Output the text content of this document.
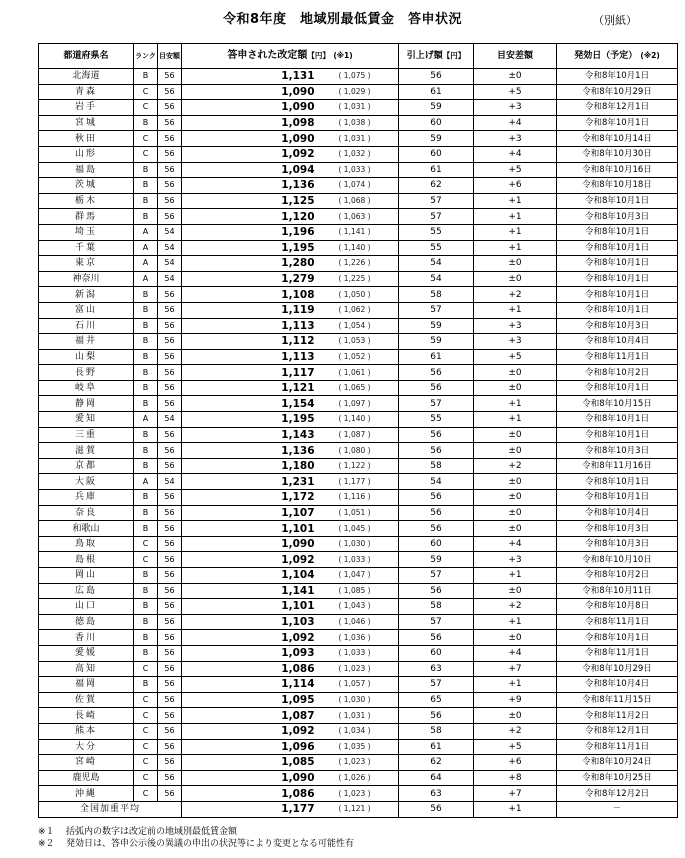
令和8年度　地域別最低賃金　答申状況	（別紙）
都道府県名	ランク	目安額	答申された改定額【円】 (※1)		引上げ額【円】	目安差額	発効日（予定） (※2)
北海道	B	56	1,131	( 1,075 )	56	±0	令和8年10月1日
青森	C	56	1,090	( 1,029 )	61	+5	令和8年10月29日
岩手	C	56	1,090	( 1,031 )	59	+3	令和8年12月1日
宮城	B	56	1,098	( 1,038 )	60	+4	令和8年10月1日
秋田	C	56	1,090	( 1,031 )	59	+3	令和8年10月14日
山形	C	56	1,092	( 1,032 )	60	+4	令和8年10月30日
福島	B	56	1,094	( 1,033 )	61	+5	令和8年10月16日
茨城	B	56	1,136	( 1,074 )	62	+6	令和8年10月18日
栃木	B	56	1,125	( 1,068 )	57	+1	令和8年10月1日
群馬	B	56	1,120	( 1,063 )	57	+1	令和8年10月3日
埼玉	A	54	1,196	( 1,141 )	55	+1	令和8年10月1日
千葉	A	54	1,195	( 1,140 )	55	+1	令和8年10月1日
東京	A	54	1,280	( 1,226 )	54	±0	令和8年10月1日
神奈川	A	54	1,279	( 1,225 )	54	±0	令和8年10月1日
新潟	B	56	1,108	( 1,050 )	58	+2	令和8年10月1日
富山	B	56	1,119	( 1,062 )	57	+1	令和8年10月1日
石川	B	56	1,113	( 1,054 )	59	+3	令和8年10月3日
福井	B	56	1,112	( 1,053 )	59	+3	令和8年10月4日
山梨	B	56	1,113	( 1,052 )	61	+5	令和8年11月1日
長野	B	56	1,117	( 1,061 )	56	±0	令和8年10月2日
岐阜	B	56	1,121	( 1,065 )	56	±0	令和8年10月1日
静岡	B	56	1,154	( 1,097 )	57	+1	令和8年10月15日
愛知	A	54	1,195	( 1,140 )	55	+1	令和8年10月1日
三重	B	56	1,143	( 1,087 )	56	±0	令和8年10月1日
滋賀	B	56	1,136	( 1,080 )	56	±0	令和8年10月3日
京都	B	56	1,180	( 1,122 )	58	+2	令和8年11月16日
大阪	A	54	1,231	( 1,177 )	54	±0	令和8年10月1日
兵庫	B	56	1,172	( 1,116 )	56	±0	令和8年10月1日
奈良	B	56	1,107	( 1,051 )	56	±0	令和8年10月4日
和歌山	B	56	1,101	( 1,045 )	56	±0	令和8年10月3日
鳥取	C	56	1,090	( 1,030 )	60	+4	令和8年10月3日
島根	C	56	1,092	( 1,033 )	59	+3	令和8年10月10日
岡山	B	56	1,104	( 1,047 )	57	+1	令和8年10月2日
広島	B	56	1,141	( 1,085 )	56	±0	令和8年10月11日
山口	B	56	1,101	( 1,043 )	58	+2	令和8年10月8日
徳島	B	56	1,103	( 1,046 )	57	+1	令和8年11月1日
香川	B	56	1,092	( 1,036 )	56	±0	令和8年10月1日
愛媛	B	56	1,093	( 1,033 )	60	+4	令和8年11月1日
高知	C	56	1,086	( 1,023 )	63	+7	令和8年10月29日
福岡	B	56	1,114	( 1,057 )	57	+1	令和8年10月4日
佐賀	C	56	1,095	( 1,030 )	65	+9	令和8年11月15日
長崎	C	56	1,087	( 1,031 )	56	±0	令和8年11月2日
熊本	C	56	1,092	( 1,034 )	58	+2	令和8年12月1日
大分	C	56	1,096	( 1,035 )	61	+5	令和8年11月1日
宮崎	C	56	1,085	( 1,023 )	62	+6	令和8年10月24日
鹿児島	C	56	1,090	( 1,026 )	64	+8	令和8年10月25日
沖縄	C	56	1,086	( 1,023 )	63	+7	令和8年12月2日
全国加重平均			1,177	( 1,121 )	56	+1	－
※１ 括弧内の数字は改定前の地域別最低賃金額
※２ 発効日は、答申公示後の異議の申出の状況等により変更となる可能性有
